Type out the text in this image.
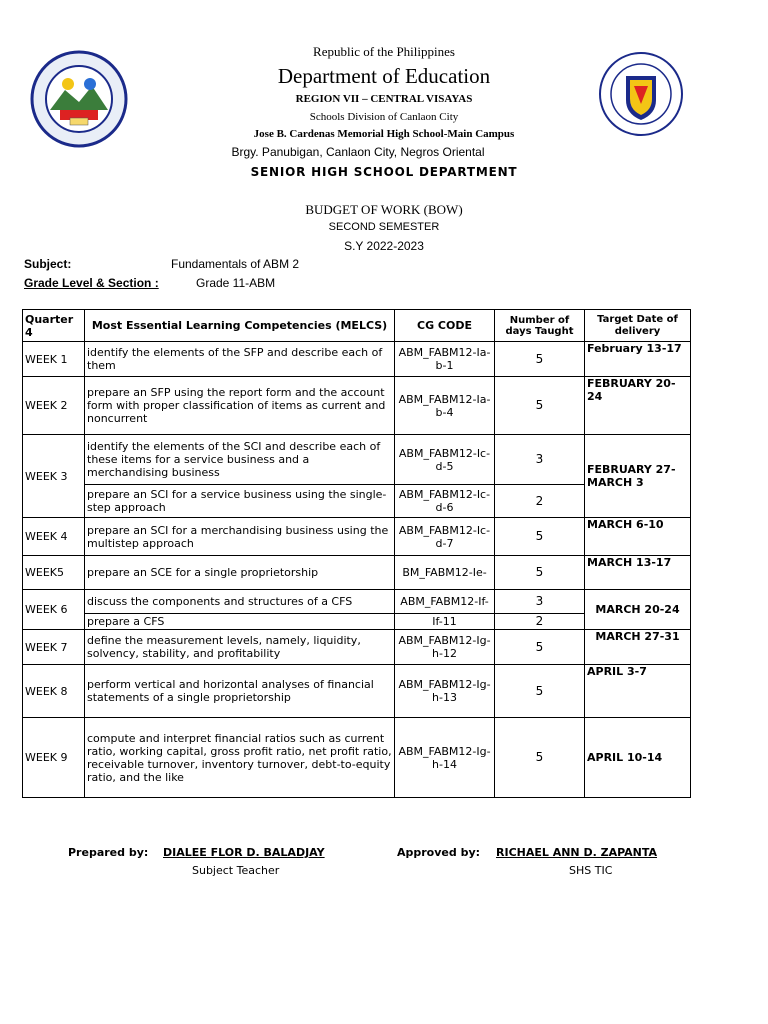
Republic of the Philippines
Department of Education
REGION VII – CENTRAL VISAYAS
Schools Division of Canlaon City
Jose B. Cardenas Memorial High School-Main Campus
Brgy. Panubigan, Canlaon City, Negros Oriental
SENIOR HIGH SCHOOL DEPARTMENT
BUDGET OF WORK (BOW)
SECOND SEMESTER
S.Y 2022-2023
Subject:	Fundamentals of ABM 2
Grade Level & Section :	Grade 11-ABM
Quarter 4	Most Essential Learning Competencies (MELCS)	CG CODE	Number of days Taught	Target Date of delivery
WEEK 1	identify the elements of the SFP and describe each of them	ABM_FABM12-Ia-b-1	5	February 13-17
WEEK 2	prepare an SFP using the report form and the account form with proper classification of items as current and noncurrent	ABM_FABM12-Ia-b-4	5	FEBRUARY 20-24
WEEK 3	identify the elements of the SCI and describe each of these items for a service business and a merchandising business	ABM_FABM12-Ic-d-5	3	FEBRUARY 27- MARCH 3
	prepare an SCI for a service business using the single-step approach	ABM_FABM12-Ic-d-6	2	
WEEK 4	prepare an SCI for a merchandising business using the multistep approach	ABM_FABM12-Ic-d-7	5	MARCH 6-10
WEEK5	prepare an SCE for a single proprietorship	BM_FABM12-Ie-	5	MARCH 13-17
WEEK 6	discuss the components and structures of a CFS	ABM_FABM12-If-	3	MARCH 20-24
	prepare a CFS	If-11	2	
WEEK 7	define the measurement levels, namely, liquidity, solvency, stability, and profitability	ABM_FABM12-Ig-h-12	5	MARCH 27-31
WEEK 8	perform vertical and horizontal analyses of financial statements of a single proprietorship	ABM_FABM12-Ig-h-13	5	APRIL 3-7
WEEK 9	compute and interpret financial ratios such as current ratio, working capital, gross profit ratio, net profit ratio, receivable turnover, inventory turnover, debt-to-equity ratio, and the like	ABM_FABM12-Ig-h-14	5	APRIL 10-14
Prepared by: DIALEE FLOR D. BALADJAY
Subject Teacher
Approved by: RICHAEL ANN D. ZAPANTA
SHS TIC
